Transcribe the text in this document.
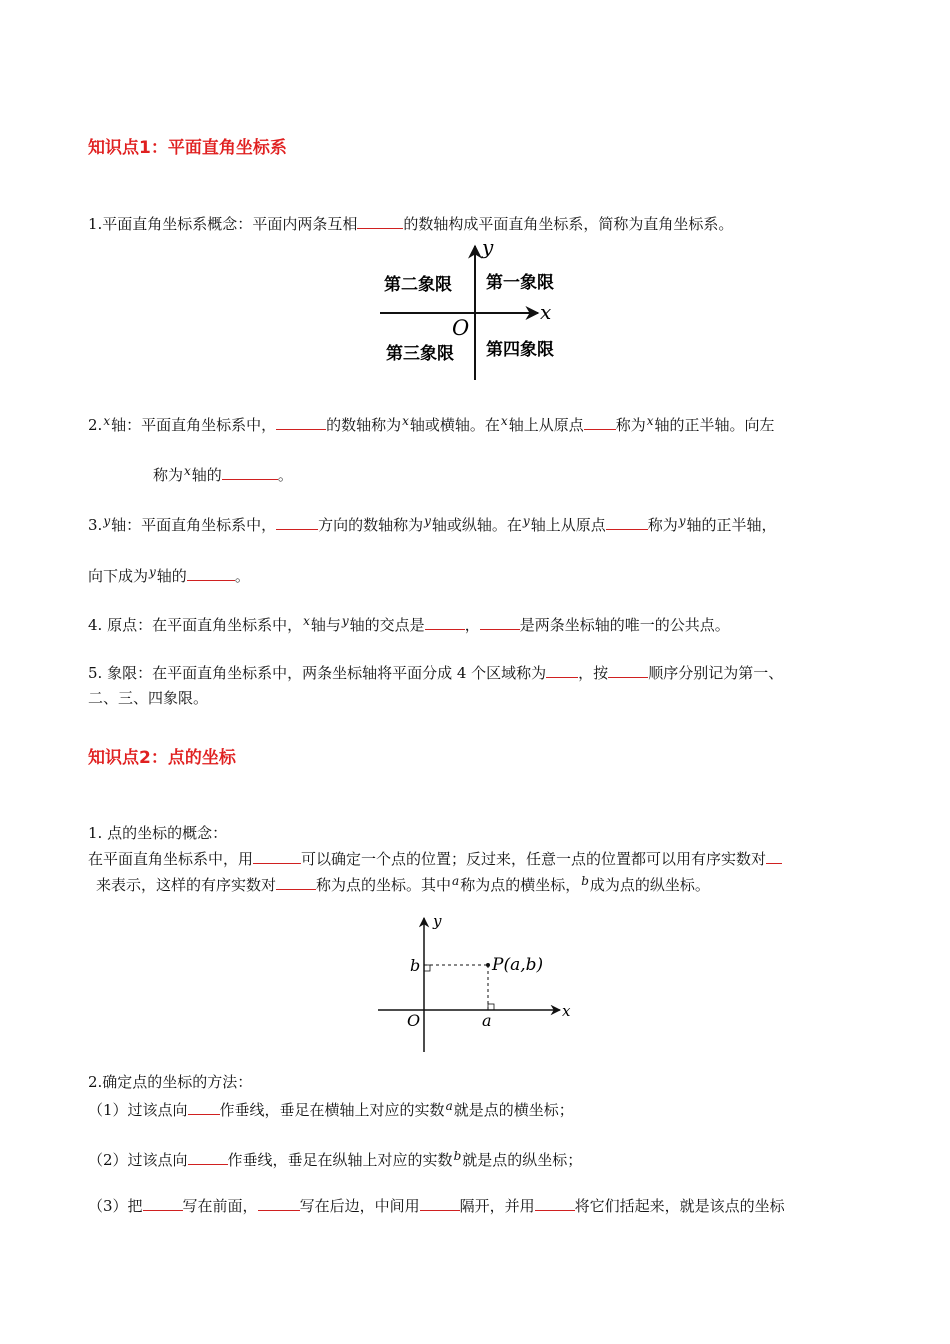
知识点1：平面直角坐标系
1.平面直角坐标系概念：平面内两条互相	的数轴构成平面直角坐标系，简称为直角坐标系。
y
x
O
第二象限 第一象限
第三象限 第四象限
2.$^x$轴：平面直角坐标系中，	的数轴称为$^x$轴或横轴。在$^x$轴上从原点 称为$^x$轴的正半轴。向左
称为$^x$轴的	。
3.$^y$轴：平面直角坐标系中，	方向的数轴称为$^y$轴或纵轴。在$^y$轴上从原点	称为$^y$轴的正半轴，
向下成为$^y$轴的	。
4. 原点：在平面直角坐标系中，$^x$轴与$^y$轴的交点是	，	是两条坐标轴的唯一的公共点。
5. 象限：在平面直角坐标系中，两条坐标轴将平面分成 4 个区域称为 ，按	顺序分别记为第一、
二、三、四象限。
知识点2：点的坐标
1. 点的坐标的概念：
在平面直角坐标系中，用	可以确定一个点的位置；反过来，任意一点的位置都可以用有序实数对
来表示，这样的有序实数对	称为点的坐标。其中$^a$称为点的横坐标，$^b$成为点的纵坐标。
y
x
O	a
b	P(a,b)
2.确定点的坐标的方法：
（1）过该点向 作垂线，垂足在横轴上对应的实数$^a$就是点的横坐标；
（2）过该点向	作垂线，垂足在纵轴上对应的实数$^b$就是点的纵坐标；
（3）把	写在前面，	写在后边，中间用	隔开，并用	将它们括起来，就是该点的坐标
